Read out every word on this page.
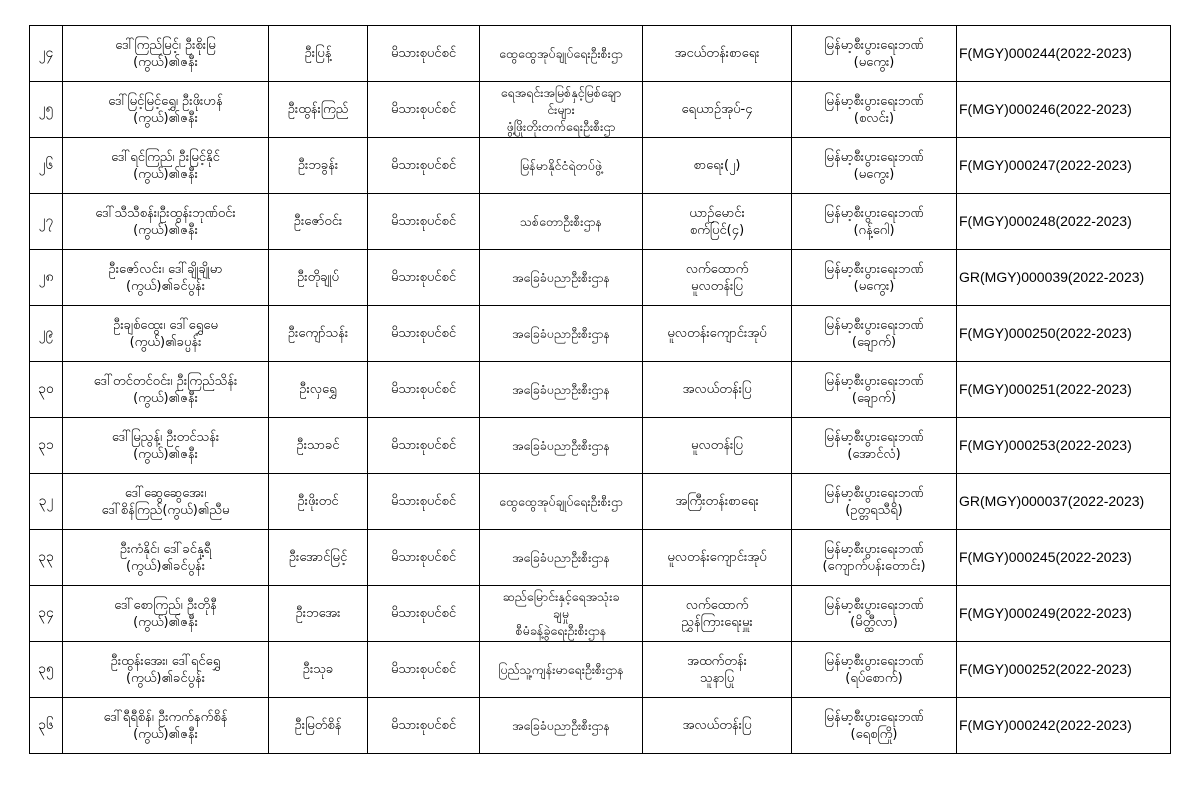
၂၄	ဒေါ်ကြည်မြင့်၊ ဦးစိုးမြ
(ကွယ်)၏ဇနီး	ဦးပြန့်	မိသားစုပင်စင်	ထွေထွေအုပ်ချုပ်ရေးဦးစီးဌာ	အငယ်တန်းစာရေး	မြန်မာ့စီးပွားရေးဘဏ်
(မကွေး)	F(MGY)000244(2022-2023)
၂၅	ဒေါ်မြင့်မြင့်ရွှေ၊ ဦးဖိုးဟန်
(ကွယ်)၏ဇနီး	ဦးထွန်းကြည်	မိသားစုပင်စင်	ရေအရင်းအမြစ်နှင့်မြစ်ချော
င်းများ
ဖွံ့ဖြိုးတိုးတက်ရေးဦးစီးဌာ	ရေယာဉ်အုပ်-၄	မြန်မာ့စီးပွားရေးဘဏ်
(စလင်း)	F(MGY)000246(2022-2023)
၂၆	ဒေါ်ရင်ကြည်၊ ဦးမြင့်နိုင်
(ကွယ်)၏ဇနီး	ဦးဘခွန်း	မိသားစုပင်စင်	မြန်မာနိုင်ငံရဲတပ်ဖွဲ့	စာရေး(၂)	မြန်မာ့စီးပွားရေးဘဏ်
(မကွေး)	F(MGY)000247(2022-2023)
၂၇	ဒေါ်သီသီစန်း၊ဦးထွန်းဘုဏ်ဝင်း
(ကွယ်)၏ဇနီး	ဦးဇော်ဝင်း	မိသားစုပင်စင်	သစ်တောဦးစီးဌာန	ယာဉ်မောင်း
စက်ပြင်(၄)	မြန်မာ့စီးပွားရေးဘဏ်
(ဂန့်ဂေါ)	F(MGY)000248(2022-2023)
၂၈	ဦးဇော်လင်း၊ ဒေါ်ချိုချိုမာ
(ကွယ်)၏ခင်ပွန်း	ဦးတိုချုပ်	မိသားစုပင်စင်	အခြေခံပညာဦးစီးဌာန	လက်ထောက်
မူလတန်းပြ	မြန်မာ့စီးပွားရေးဘဏ်
(မကွေး)	GR(MGY)000039(2022-2023)
၂၉	ဦးချစ်ထွေး၊ ဒေါ်ရွှေမေ
(ကွယ်)၏ခပ္ပန်း	ဦးကျော်သန်း	မိသားစုပင်စင်	အခြေခံပညာဦးစီးဌာန	မူလတန်းကျောင်းအုပ်	မြန်မာ့စီးပွားရေးဘဏ်
(ချောက်)	F(MGY)000250(2022-2023)
၃၀	ဒေါ်တင်တင်ဝင်း၊ ဦးကြည်သိန်း
(ကွယ်)၏ဇနီး	ဦးလှရွှေ	မိသားစုပင်စင်	အခြေခံပညာဦးစီးဌာန	အလယ်တန်းပြ	မြန်မာ့စီးပွားရေးဘဏ်
(ချောက်)	F(MGY)000251(2022-2023)
၃၁	ဒေါ်မြညွန့်၊ ဦးတင်သန်း
(ကွယ်)၏ဇနီး	ဦးသာခင်	မိသားစုပင်စင်	အခြေခံပညာဦးစီးဌာန	မူလတန်းပြ	မြန်မာ့စီးပွားရေးဘဏ်
(အောင်လံ)	F(MGY)000253(2022-2023)
၃၂	ဒေါ်ဆွေဆွေအေး၊
ဒေါ်စိန်ကြည်(ကွယ်)၏ညီမ	ဦးဖိုးတင်	မိသားစုပင်စင်	ထွေထွေအုပ်ချုပ်ရေးဦးစီးဌာ	အကြီးတန်းစာရေး	မြန်မာ့စီးပွားရေးဘဏ်
(ဥတ္တရသီရိ)	GR(MGY)000037(2022-2023)
၃၃	ဦးကံနိုင်၊ ဒေါ်ခင်နု့ရီ
(ကွယ်)၏ခင်ပွန်း	ဦးအောင်မြင့်	မိသားစုပင်စင်	အခြေခံပညာဦးစီးဌာန	မူလတန်းကျောင်းအုပ်	မြန်မာ့စီးပွားရေးဘဏ်
(ကျောက်ပန်းတောင်း)	F(MGY)000245(2022-2023)
၃၄	ဒေါ်စောကြည်၊ ဦးတိုနီ
(ကွယ်)၏ဇနီး	ဦးဘအေး	မိသားစုပင်စင်	ဆည်မြောင်းနှင့်ရေအသုံးခ
ချမှု
စီမံခန့်ခွဲရေးဦးစီးဌာန	လက်ထောက်
ညွှန်ကြားရေးမှူး	မြန်မာ့စီးပွားရေးဘဏ်
(မိတ္ထီလာ)	F(MGY)000249(2022-2023)
၃၅	ဦးထွန်းအေး၊ ဒေါ်ရင်ရွှေ
(ကွယ်)၏ခင်ပွန်း	ဦးသုခ	မိသားစုပင်စင်	ပြည်သူ့ကျန်းမာရေးဦးစီးဌာန	အထက်တန်း
သူနာပြု	မြန်မာ့စီးပွားရေးဘဏ်
(ရပ်စောက်)	F(MGY)000252(2022-2023)
၃၆	ဒေါ်ရီရီစိန်၊ ဦးကက်နက်စိန်
(ကွယ်)၏ဇနီး	ဦးမြတ်စိန်	မိသားစုပင်စင်	အခြေခံပညာဦးစီးဌာန	အလယ်တန်းပြ	မြန်မာ့စီးပွားရေးဘဏ်
(ရေစကြို)	F(MGY)000242(2022-2023)
